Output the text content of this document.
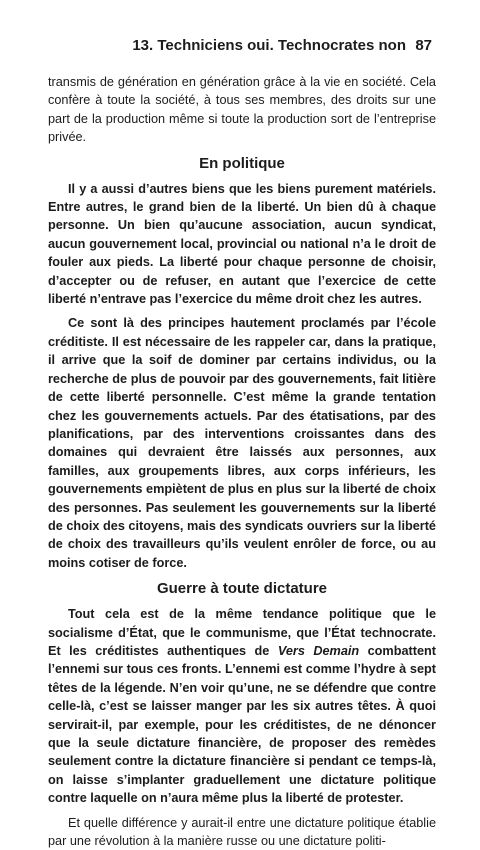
13. Techniciens oui. Technocrates non 87

transmis de génération en génération grâce à la vie en société. Cela confère à toute la société, à tous ses membres, des droits sur une part de la production même si toute la production sort de l’entreprise privée.

En politique

Il y a aussi d’autres biens que les biens purement matériels. Entre autres, le grand bien de la liberté. Un bien dû à chaque personne. Un bien qu’aucune association, aucun syndicat, aucun gouvernement local, provincial ou national n’a le droit de fouler aux pieds. La liberté pour chaque personne de choisir, d’accepter ou de refuser, en autant que l’exercice de cette liberté n’entrave pas l’exercice du même droit chez les autres.

Ce sont là des principes hautement proclamés par l’école créditiste. Il est nécessaire de les rappeler car, dans la pratique, il arrive que la soif de dominer par certains individus, ou la recherche de plus de pouvoir par des gouvernements, fait litière de cette liberté personnelle. C’est même la grande tentation chez les gouvernements actuels. Par des étatisations, par des planifications, par des interventions croissantes dans des domaines qui devraient être laissés aux personnes, aux familles, aux groupements libres, aux corps inférieurs, les gouvernements empiètent de plus en plus sur la liberté de choix des personnes. Pas seulement les gouvernements sur la liberté de choix des citoyens, mais des syndicats ouvriers sur la liberté de choix des travailleurs qu’ils veulent enrôler de force, ou au moins cotiser de force.

Guerre à toute dictature

Tout cela est de la même tendance politique que le socialisme d’État, que le communisme, que l’État technocrate. Et les créditistes authentiques de Vers Demain combattent l’ennemi sur tous ces fronts. L’ennemi est comme l’hydre à sept têtes de la légende. N’en voir qu’une, ne se défendre que contre celle-là, c’est se laisser manger par les six autres têtes. À quoi servirait-il, par exemple, pour les créditistes, de ne dénoncer que la seule dictature financière, de proposer des remèdes seulement contre la dictature financière si pendant ce temps-là, on laisse s’implanter graduellement une dictature politique contre laquelle on n’aura même plus la liberté de protester.

Et quelle différence y aurait-il entre une dictature politique établie par une révolution à la manière russe ou une dictature politi-
